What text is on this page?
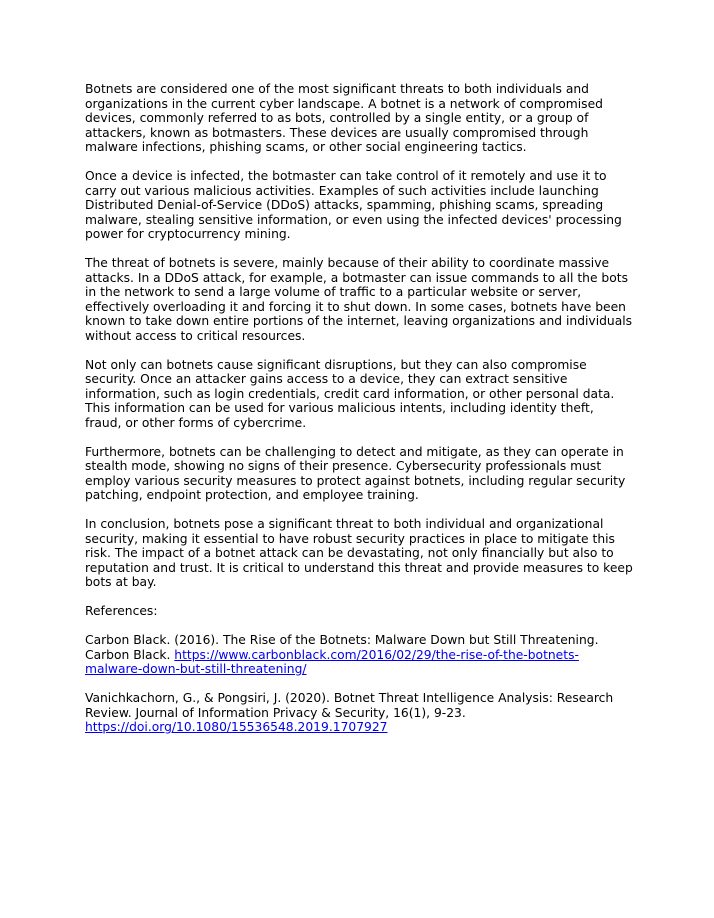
Botnets are considered one of the most significant threats to both individuals and
organizations in the current cyber landscape. A botnet is a network of compromised
devices, commonly referred to as bots, controlled by a single entity, or a group of
attackers, known as botmasters. These devices are usually compromised through
malware infections, phishing scams, or other social engineering tactics.

Once a device is infected, the botmaster can take control of it remotely and use it to
carry out various malicious activities. Examples of such activities include launching
Distributed Denial-of-Service (DDoS) attacks, spamming, phishing scams, spreading
malware, stealing sensitive information, or even using the infected devices' processing
power for cryptocurrency mining.

The threat of botnets is severe, mainly because of their ability to coordinate massive
attacks. In a DDoS attack, for example, a botmaster can issue commands to all the bots
in the network to send a large volume of traffic to a particular website or server,
effectively overloading it and forcing it to shut down. In some cases, botnets have been
known to take down entire portions of the internet, leaving organizations and individuals
without access to critical resources.

Not only can botnets cause significant disruptions, but they can also compromise
security. Once an attacker gains access to a device, they can extract sensitive
information, such as login credentials, credit card information, or other personal data.
This information can be used for various malicious intents, including identity theft,
fraud, or other forms of cybercrime.

Furthermore, botnets can be challenging to detect and mitigate, as they can operate in
stealth mode, showing no signs of their presence. Cybersecurity professionals must
employ various security measures to protect against botnets, including regular security
patching, endpoint protection, and employee training.

In conclusion, botnets pose a significant threat to both individual and organizational
security, making it essential to have robust security practices in place to mitigate this
risk. The impact of a botnet attack can be devastating, not only financially but also to
reputation and trust. It is critical to understand this threat and provide measures to keep
bots at bay.

References:

Carbon Black. (2016). The Rise of the Botnets: Malware Down but Still Threatening.
Carbon Black. https://www.carbonblack.com/2016/02/29/the-rise-of-the-botnets-
malware-down-but-still-threatening/

Vanichkachorn, G., & Pongsiri, J. (2020). Botnet Threat Intelligence Analysis: Research
Review. Journal of Information Privacy & Security, 16(1), 9-23.
https://doi.org/10.1080/15536548.2019.1707927
